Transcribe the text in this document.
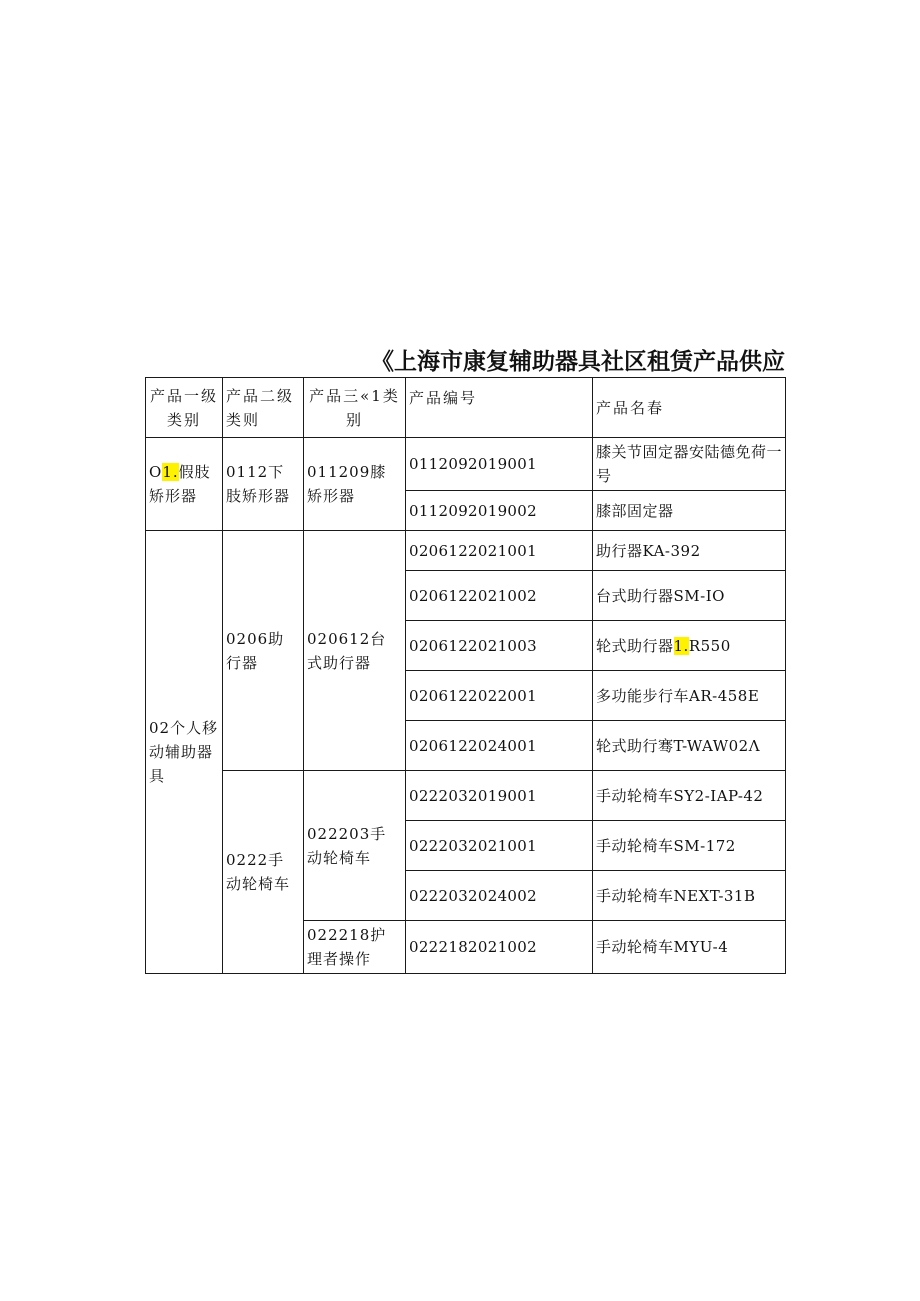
《上海市康复辅助器具社区租赁产品供应
产品一级类别	产品二级类则	产品三«1类别	产品编号	产品名春
O1.假肢矫形器	0112下肢矫形器	011209膝矫形器	0112092019001	膝关节固定器安陆德免荷一号
			0112092019002	膝部固定器
02个人移动辅助器具	0206助行器	020612台式助行器	0206122021001	助行器KA-392
			0206122021002	台式助行器SM-IO
			0206122021003	轮式助行器1.R550
			0206122022001	多功能步行车AR-458E
			0206122024001	轮式助行骞T-WAW02Λ
	0222手动轮椅车	022203手动轮椅车	0222032019001	手动轮椅车SY2-IAP-42
			0222032021001	手动轮椅车SM-172
			0222032024002	手动轮椅车NEXT-31B
		022218护理者操作	0222182021002	手动轮椅车MYU-4
